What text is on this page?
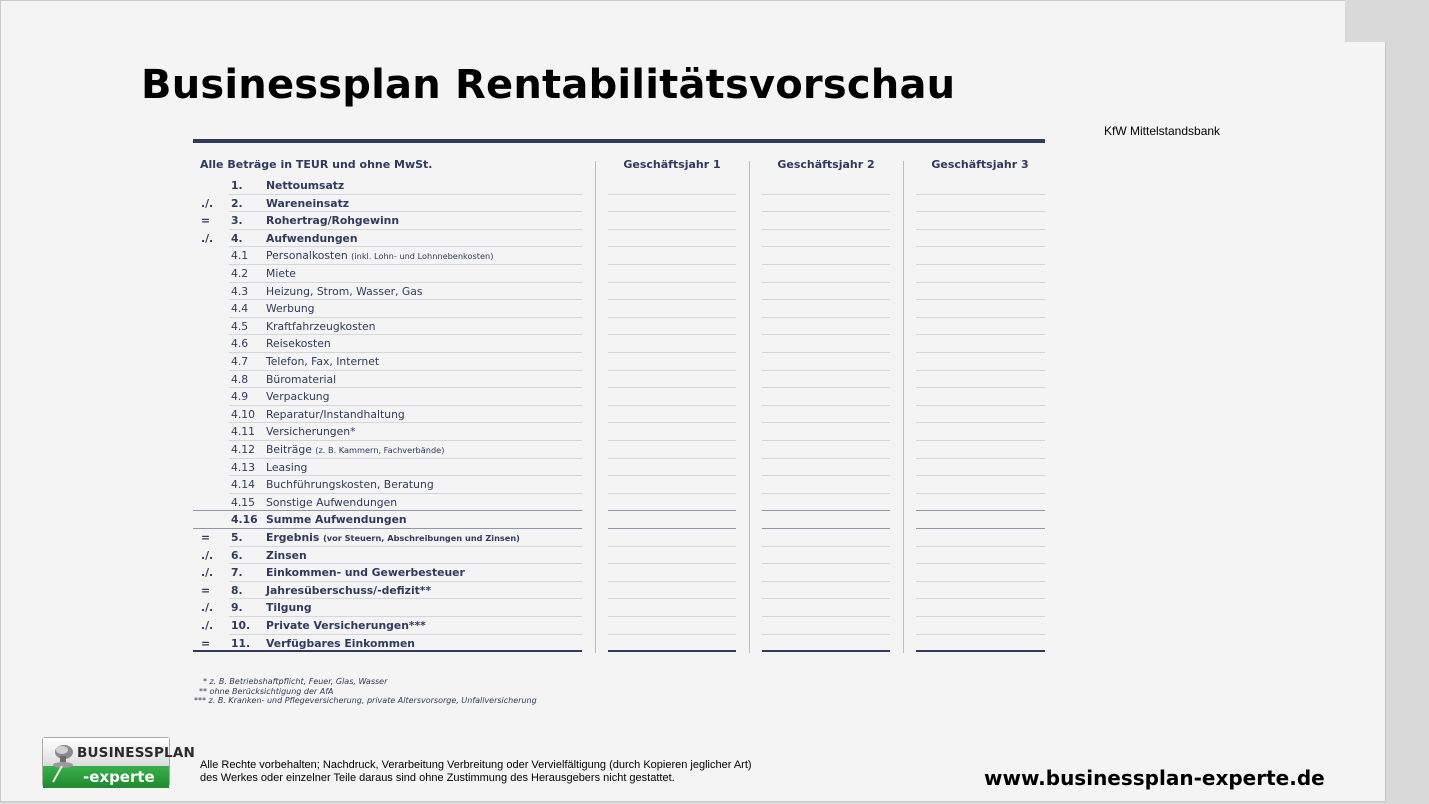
Businessplan Rentabilitätsvorschau
KfW Mittelstandsbank
Alle Beträge in TEUR und ohne MwSt.	Geschäftsjahr 1	Geschäftsjahr 2	Geschäftsjahr 3
1. Nettoumsatz
./.	2. Wareneinsatz
=	3. Rohertrag/Rohgewinn
./.	4. Aufwendungen
4.1 Personalkosten (inkl. Lohn- und Lohnnebenkosten)
4.2 Miete
4.3 Heizung, Strom, Wasser, Gas
4.4 Werbung
4.5 Kraftfahrzeugkosten
4.6 Reisekosten
4.7 Telefon, Fax, Internet
4.8 Büromaterial
4.9 Verpackung
4.10 Reparatur/Instandhaltung
4.11 Versicherungen*
4.12 Beiträge (z. B. Kammern, Fachverbände)
4.13 Leasing
4.14 Buchführungskosten, Beratung
4.15 Sonstige Aufwendungen
4.16 Summe Aufwendungen
=	5. Ergebnis (vor Steuern, Abschreibungen und Zinsen)
./.	6. Zinsen
./.	7. Einkommen- und Gewerbesteuer
=	8. Jahresüberschuss/-defizit**
./.	9. Tilgung
./.	10. Private Versicherungen***
=	11. Verfügbares Einkommen
* z. B. Betriebshaftpflicht, Feuer, Glas, Wasser
** ohne Berücksichtigung der AfA
*** z. B. Kranken- und Pflegeversicherung, private Altersvorsorge, Unfallversicherung
BUSINESSPLAN
-experte
Alle Rechte vorbehalten; Nachdruck, Verarbeitung Verbreitung oder Vervielfältigung (durch Kopieren jeglicher Art)
des Werkes oder einzelner Teile daraus sind ohne Zustimmung des Herausgebers nicht gestattet.	www.businessplan-experte.de
